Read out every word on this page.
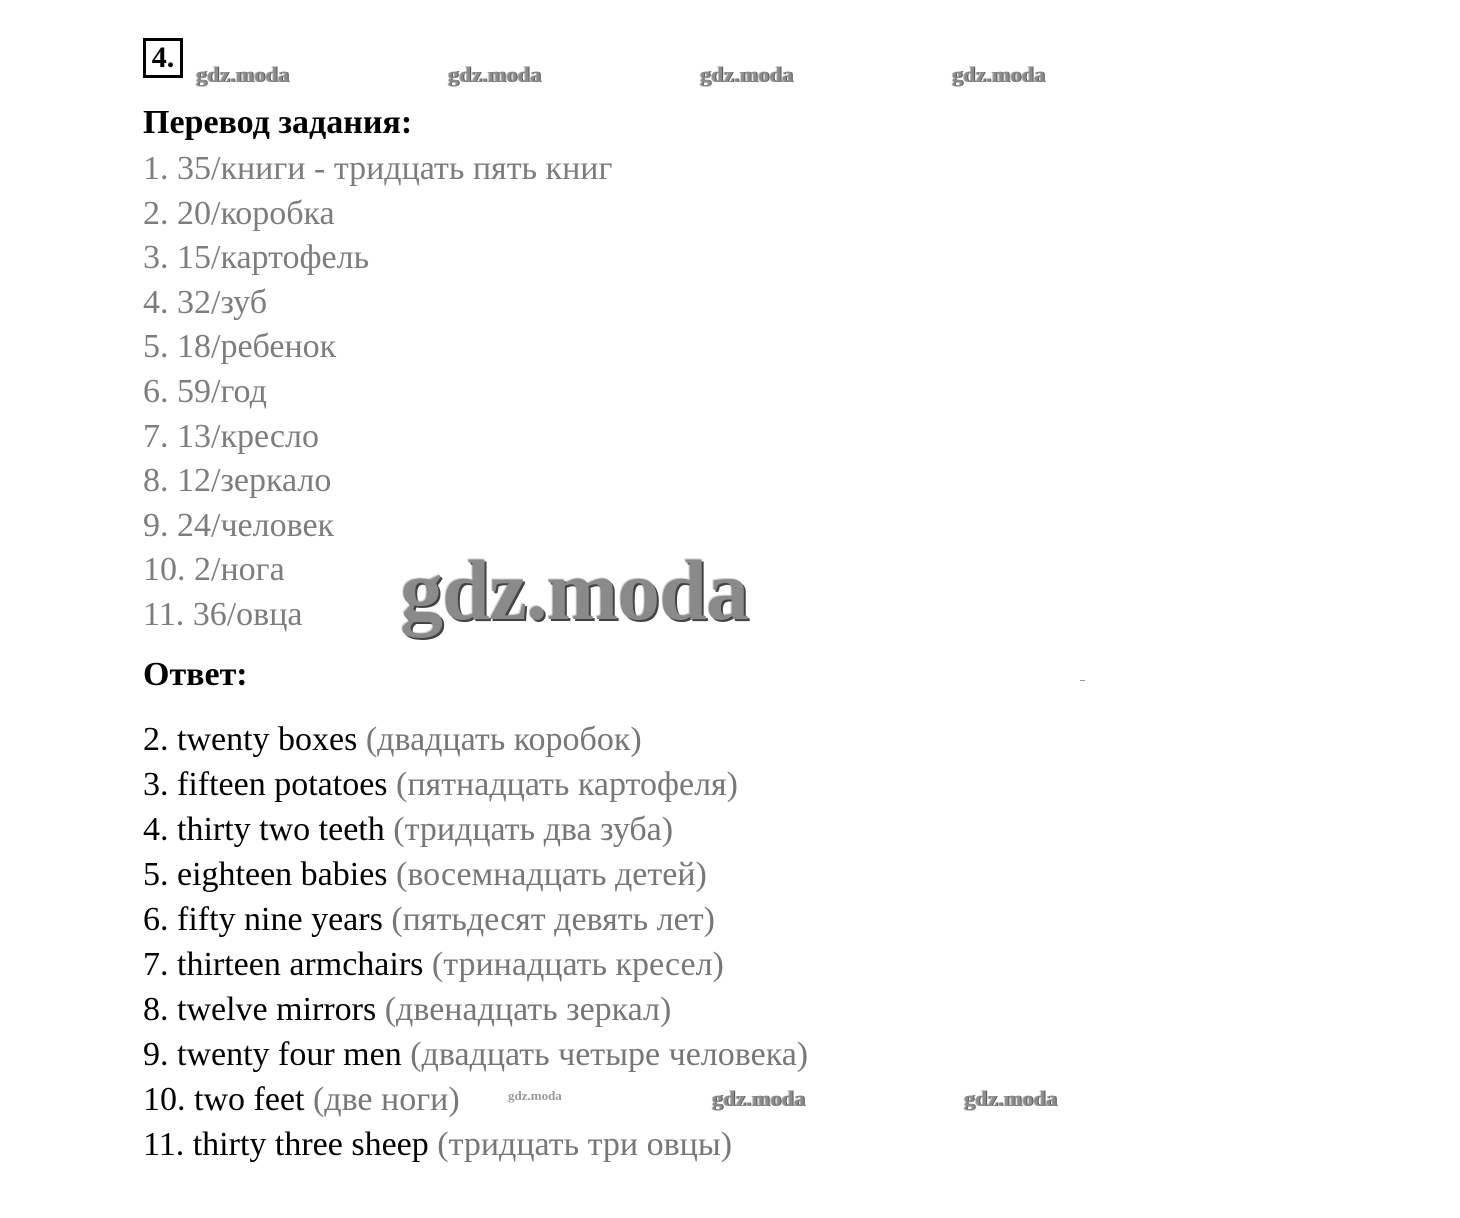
4.
gdz.moda	gdz.moda	gdz.moda	gdz.moda
Перевод задания:
1. 35/книги - тридцать пять книг
2. 20/коробка
3. 15/картофель
4. 32/зуб
5. 18/ребенок
6. 59/год
7. 13/кресло
8. 12/зеркало
9. 24/человек
10. 2/нога
11. 36/овца	gdz.moda
Ответ:
2. twenty boxes (двадцать коробок)
3. fifteen potatoes (пятнадцать картофеля)
4. thirty two teeth (тридцать два зуба)
5. eighteen babies (восемнадцать детей)
6. fifty nine years (пятьдесят девять лет)
7. thirteen armchairs (тринадцать кресел)
8. twelve mirrors (двенадцать зеркал)
9. twenty four men (двадцать четыре человека)
10. two feet (две ноги)
11. thirty three sheep (тридцать три овцы)
gdz.moda	gdz.moda	gdz.moda
